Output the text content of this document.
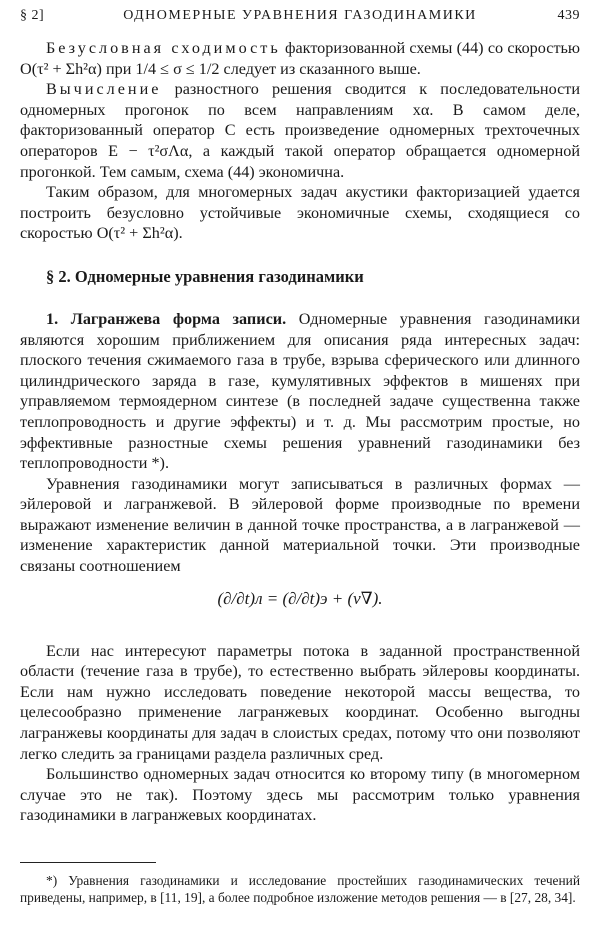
§ 2]	ОДНОМЕРНЫЕ УРАВНЕНИЯ ГАЗОДИНАМИКИ	439

Безусловная сходимость факторизованной схемы (44) со скоростью O(τ² + Σh²α) при 1/4 ≤ σ ≤ 1/2 следует из сказанного выше.

Вычисление разностного решения сводится к последовательности одномерных прогонок по всем направлениям xα. В самом деле, факторизованный оператор C есть произведение одномерных трехточечных операторов E − τ²σΛα, а каждый такой оператор обращается одномерной прогонкой. Тем самым, схема (44) экономична.

Таким образом, для многомерных задач акустики факторизацией удается построить безусловно устойчивые экономичные схемы, сходящиеся со скоростью O(τ² + Σh²α).

§ 2. Одномерные уравнения газодинамики

1. Лагранжева форма записи. Одномерные уравнения газодинамики являются хорошим приближением для описания ряда интересных задач: плоского течения сжимаемого газа в трубе, взрыва сферического или длинного цилиндрического заряда в газе, кумулятивных эффектов в мишенях при управляемом термоядерном синтезе (в последней задаче существенна также теплопроводность и другие эффекты) и т. д. Мы рассмотрим простые, но эффективные разностные схемы решения уравнений газодинамики без теплопроводности *).

Уравнения газодинамики могут записываться в различных формах — эйлеровой и лагранжевой. В эйлеровой форме производные по времени выражают изменение величин в данной точке пространства, а в лагранжевой — изменение характеристик данной материальной точки. Эти производные связаны соотношением

(∂/∂t)л = (∂/∂t)э + (v∇).

Если нас интересуют параметры потока в заданной пространственной области (течение газа в трубе), то естественно выбрать эйлеровы координаты. Если нам нужно исследовать поведение некоторой массы вещества, то целесообразно применение лагранжевых координат. Особенно выгодны лагранжевы координаты для задач в слоистых средах, потому что они позволяют легко следить за границами раздела различных сред.

Большинство одномерных задач относится ко второму типу (в многомерном случае это не так). Поэтому здесь мы рассмотрим только уравнения газодинамики в лагранжевых координатах.

*) Уравнения газодинамики и исследование простейших газодинамических течений приведены, например, в [11, 19], а более подробное изложение методов решения — в [27, 28, 34].
